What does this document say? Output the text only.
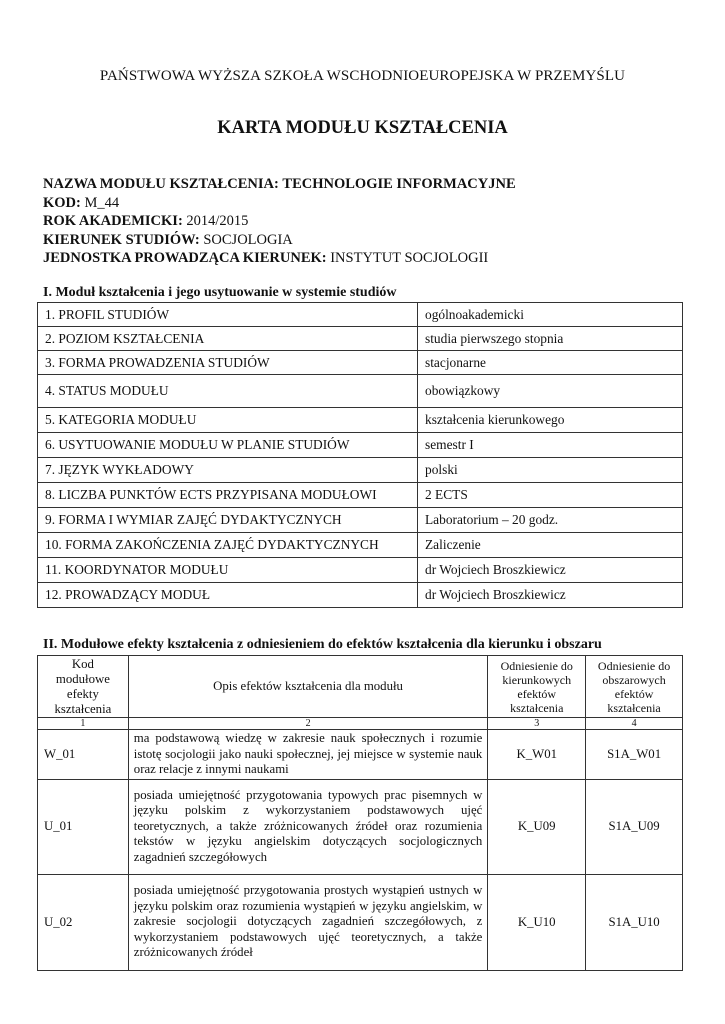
PAŃSTWOWA WYŻSZA SZKOŁA WSCHODNIOEUROPEJSKA W PRZEMYŚLU
KARTA MODUŁU KSZTAŁCENIA
NAZWA MODUŁU KSZTAŁCENIA: TECHNOLOGIE INFORMACYJNE
KOD: M_44
ROK AKADEMICKI: 2014/2015
KIERUNEK STUDIÓW: SOCJOLOGIA
JEDNOSTKA PROWADZĄCA KIERUNEK: INSTYTUT SOCJOLOGII
I. Moduł kształcenia i jego usytuowanie w systemie studiów
1. PROFIL STUDIÓW	ogólnoakademicki
2. POZIOM KSZTAŁCENIA	studia pierwszego stopnia
3. FORMA PROWADZENIA STUDIÓW	stacjonarne
4. STATUS MODUŁU	obowiązkowy
5. KATEGORIA MODUŁU	kształcenia kierunkowego
6. USYTUOWANIE MODUŁU W PLANIE STUDIÓW	semestr I
7. JĘZYK WYKŁADOWY	polski
8. LICZBA PUNKTÓW ECTS PRZYPISANA MODUŁOWI	2 ECTS
9. FORMA I WYMIAR ZAJĘĆ DYDAKTYCZNYCH	Laboratorium – 20 godz.
10. FORMA ZAKOŃCZENIA ZAJĘĆ DYDAKTYCZNYCH	Zaliczenie
11. KOORDYNATOR MODUŁU	dr Wojciech Broszkiewicz
12. PROWADZĄCY MODUŁ	dr Wojciech Broszkiewicz
II. Modułowe efekty kształcenia z odniesieniem do efektów kształcenia dla kierunku i obszaru
Kod modułowe efekty kształcenia	Opis efektów kształcenia dla modułu	Odniesienie do kierunkowych efektów kształcenia	Odniesienie do obszarowych efektów kształcenia
1	2	3	4
W_01	ma podstawową wiedzę w zakresie nauk społecznych i rozumie istotę socjologii jako nauki społecznej, jej miejsce w systemie nauk oraz relacje z innymi naukami	K_W01	S1A_W01
U_01	posiada umiejętność przygotowania typowych prac pisemnych w języku polskim z wykorzystaniem podstawowych ujęć teoretycznych, a także zróżnicowanych źródeł oraz rozumienia tekstów w języku angielskim dotyczących socjologicznych zagadnień szczegółowych	K_U09	S1A_U09
U_02	posiada umiejętność przygotowania prostych wystąpień ustnych w języku polskim oraz rozumienia wystąpień w języku angielskim, w zakresie socjologii dotyczących zagadnień szczegółowych, z wykorzystaniem podstawowych ujęć teoretycznych, a także zróżnicowanych źródeł	K_U10	S1A_U10
